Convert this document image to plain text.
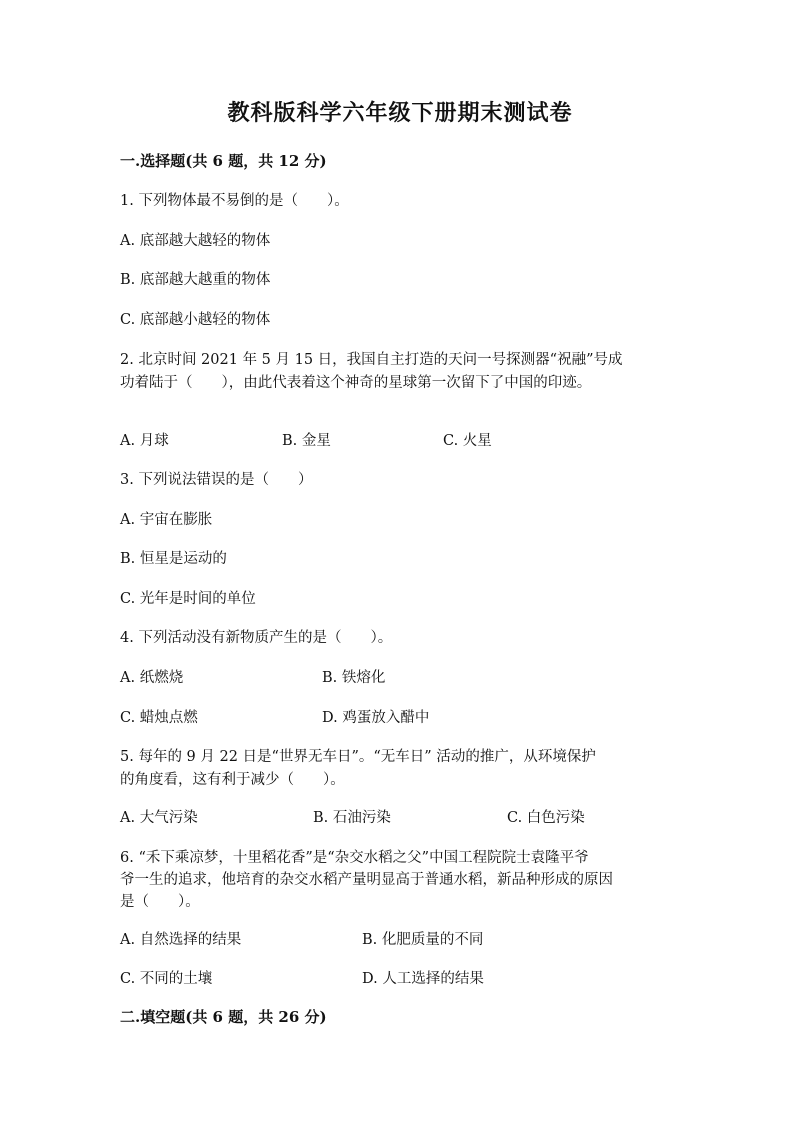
教科版科学六年级下册期末测试卷
一.选择题(共 6 题，共 12 分)
1. 下列物体最不易倒的是（　　）。
A. 底部越大越轻的物体
B. 底部越大越重的物体
C. 底部越小越轻的物体
2. 北京时间 2021 年 5 月 15 日，我国自主打造的天问一号探测器“祝融”号成
功着陆于（　　），由此代表着这个神奇的星球第一次留下了中国的印迹。
A. 月球	B. 金星	C. 火星
3. 下列说法错误的是（　　）
A. 宇宙在膨胀
B. 恒星是运动的
C. 光年是时间的单位
4. 下列活动没有新物质产生的是（　　）。
A. 纸燃烧	B. 铁熔化
C. 蜡烛点燃	D. 鸡蛋放入醋中
5. 每年的 9 月 22 日是“世界无车日”。“无车日” 活动的推广，从环境保护
的角度看，这有利于减少（　　）。
A. 大气污染	B. 石油污染	C. 白色污染
6. “禾下乘凉梦，十里稻花香”是“杂交水稻之父”中国工程院院士袁隆平爷
爷一生的追求，他培育的杂交水稻产量明显高于普通水稻，新品种形成的原因
是（　　）。
A. 自然选择的结果	B. 化肥质量的不同
C. 不同的土壤	D. 人工选择的结果
二.填空题(共 6 题，共 26 分)
